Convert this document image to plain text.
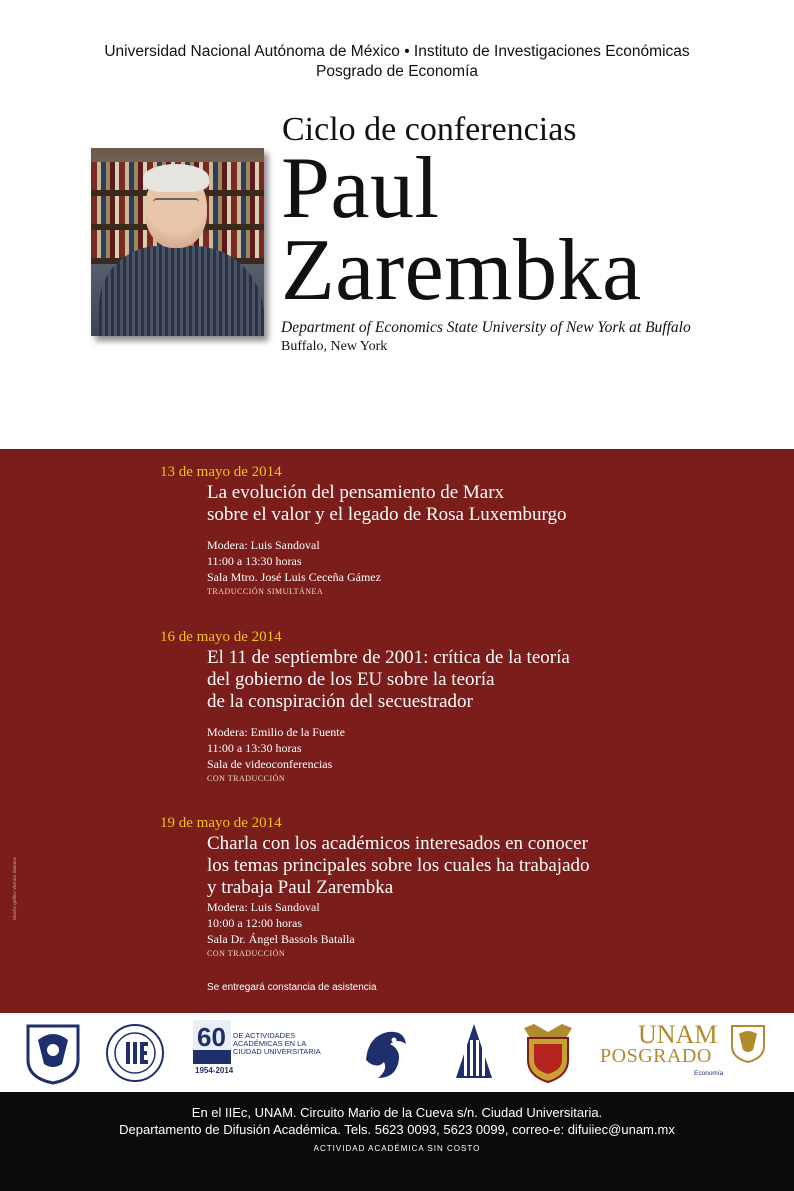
Universidad Nacional Autónoma de México • Instituto de Investigaciones Económicas
Posgrado de Economía
Ciclo de conferencias
Paul
Zarembka
Department of Economics State University of New York at Buffalo
Buffalo, New York
Diseño gráfico Victoria Jiménez
13 de mayo de 2014
La evolución del pensamiento de Marx
sobre el valor y el legado de Rosa Luxemburgo
Modera: Luis Sandoval
11:00 a 13:30 horas
Sala Mtro. José Luis Ceceña Gámez
TRADUCCIÓN SIMULTÁNEA
16 de mayo de 2014
El 11 de septiembre de 2001: crítica de la teoría
del gobierno de los EU sobre la teoría
de la conspiración del secuestrador
Modera: Emilio de la Fuente
11:00 a 13:30 horas
Sala de videoconferencias
CON TRADUCCIÓN
19 de mayo de 2014
Charla con los académicos interesados en conocer
los temas principales sobre los cuales ha trabajado
y trabaja Paul Zarembka
Modera: Luis Sandoval
10:00 a 12:00 horas
Sala Dr. Ángel Bassols Batalla
CON TRADUCCIÓN
Se entregará constancia de asistencia
60 DE ACTIVIDADES
ACADÉMICAS EN LA
CIUDAD UNIVERSITARIA
1954-2014
UNAM
POSGRADO
Economía
En el IIEc, UNAM. Circuito Mario de la Cueva s/n. Ciudad Universitaria.
Departamento de Difusión Académica. Tels. 5623 0093, 5623 0099, correo-e: difuiiec@unam.mx
ACTIVIDAD ACADÉMICA SIN COSTO
